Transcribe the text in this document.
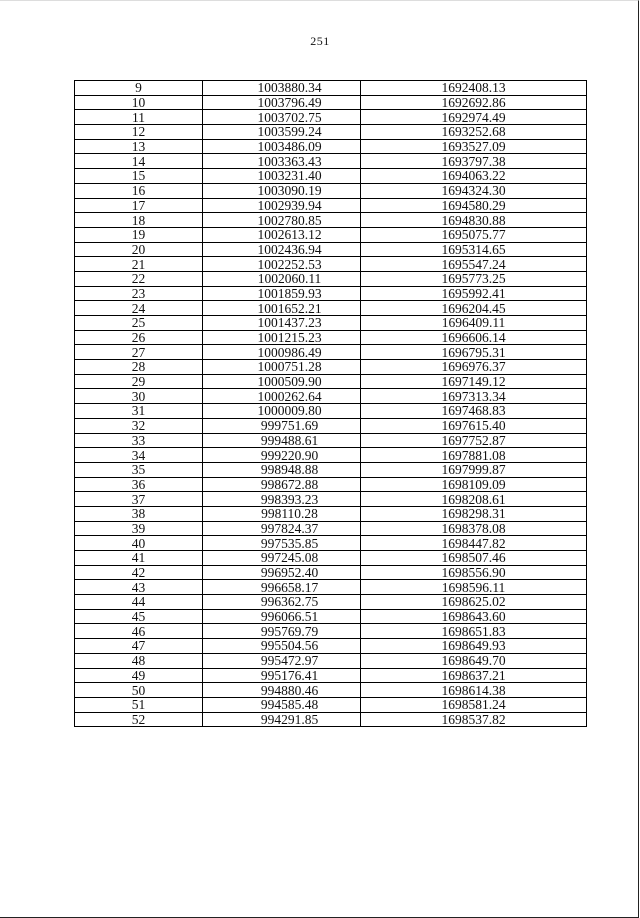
251
9	1003880.34	1692408.13
10	1003796.49	1692692.86
11	1003702.75	1692974.49
12	1003599.24	1693252.68
13	1003486.09	1693527.09
14	1003363.43	1693797.38
15	1003231.40	1694063.22
16	1003090.19	1694324.30
17	1002939.94	1694580.29
18	1002780.85	1694830.88
19	1002613.12	1695075.77
20	1002436.94	1695314.65
21	1002252.53	1695547.24
22	1002060.11	1695773.25
23	1001859.93	1695992.41
24	1001652.21	1696204.45
25	1001437.23	1696409.11
26	1001215.23	1696606.14
27	1000986.49	1696795.31
28	1000751.28	1696976.37
29	1000509.90	1697149.12
30	1000262.64	1697313.34
31	1000009.80	1697468.83
32	999751.69	1697615.40
33	999488.61	1697752.87
34	999220.90	1697881.08
35	998948.88	1697999.87
36	998672.88	1698109.09
37	998393.23	1698208.61
38	998110.28	1698298.31
39	997824.37	1698378.08
40	997535.85	1698447.82
41	997245.08	1698507.46
42	996952.40	1698556.90
43	996658.17	1698596.11
44	996362.75	1698625.02
45	996066.51	1698643.60
46	995769.79	1698651.83
47	995504.56	1698649.93
48	995472.97	1698649.70
49	995176.41	1698637.21
50	994880.46	1698614.38
51	994585.48	1698581.24
52	994291.85	1698537.82
